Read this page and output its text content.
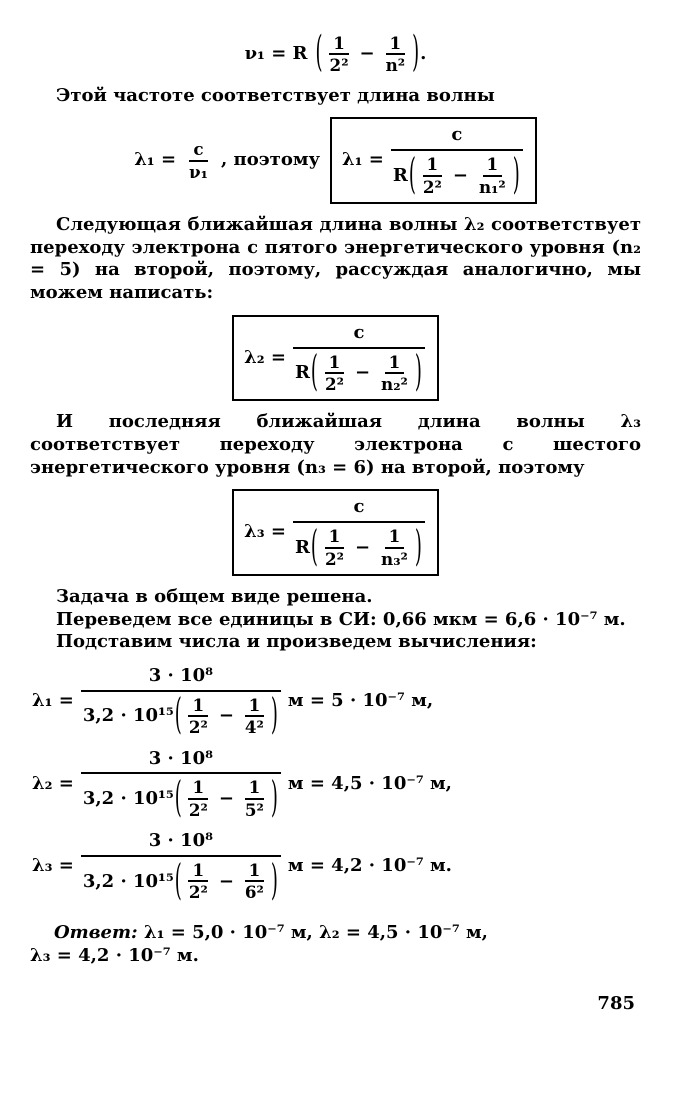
ν₁ = R ( $\frac{1}{\text{2²}} - \frac{1}{\text{n²}}$ ) .

Этой частоте соответствует длина волны

$\lambda_1 = \frac{c}{\text{ν₁}}$ , поэтому λ₁ =
c
R ( $\frac{1}{\text{2²}} - \frac{1}{\text{n₁²}}$ )

Следующая ближайшая длина волны λ₂ соответствует переходу электрона с пятого энергетического уровня (n₂ = 5) на второй, поэтому, рассуждая аналогично, мы можем написать:

λ₂ =
c
R ( $\frac{1}{\text{2²}} - \frac{1}{\text{n₂²}}$ )

И последняя ближайшая длина волны λ₃ соответствует переходу электрона с шестого энергетического уровня (n₃ = 6) на второй, поэтому

λ₃ =
c
R ( $\frac{1}{\text{2²}} - \frac{1}{\text{n₃²}}$ )

Задача в общем виде решена.

Переведем все единицы в СИ: 0,66 мкм = 6,6 · 10⁻⁷ м.

Подставим числа и произведем вычисления:

λ₁ =
3 · 10⁸
3,2 · 10¹⁵ ( $\frac{1}{\text{2²}} - \frac{1}{\text{4²}}$ ) м = 5 · 10⁻⁷ м,
λ₂ =
3 · 10⁸
3,2 · 10¹⁵ ( $\frac{1}{\text{2²}} - \frac{1}{\text{5²}}$ ) м = 4,5 · 10⁻⁷ м,
λ₃ =
3 · 10⁸
3,2 · 10¹⁵ ( $\frac{1}{\text{2²}} - \frac{1}{\text{6²}}$ ) м = 4,2 · 10⁻⁷ м.

Ответ: λ₁ = 5,0 · 10⁻⁷ м, λ₂ = 4,5 · 10⁻⁷ м,
λ₃ = 4,2 · 10⁻⁷ м.

785
